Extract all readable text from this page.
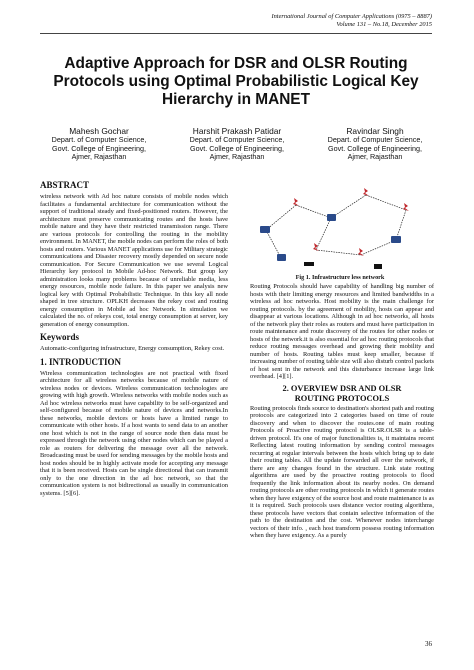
International Journal of Computer Applications (0975 – 8887)
Volume 131 – No.18, December 2015
Adaptive Approach for DSR and OLSR Routing
Protocols using Optimal Probabilistic Logical Key
Hierarchy in MANET
Mahesh Gochar
Depart. of Computer Science,
Govt. College of Engineering,
Ajmer, Rajasthan
Harshit Prakash Patidar
Depart. of Computer Science,
Govt. College of Engineering,
Ajmer, Rajasthan
Ravindar Singh
Depart. of Computer Science,
Govt. College of Engineering,
Ajmer, Rajasthan
ABSTRACT

wireless network with Ad hoc nature consists of mobile nodes which facilitates a fundamental architecture for communication without the support of traditional steady and fixed-positioned routers. However, the architecture must preserve communicating routes and the hosts have mobile nature and they have their restricted transmission range. There are various protocols for controlling the routing in the mobility environment. In MANET, the mobile nodes can perform the roles of both hosts and routers. Various MANET applications use for Military strategic communications and Disaster recovery mostly depended on secure node communication. For Secure Communication we use several Logical Hierarchy key protocol in Mobile Ad-hoc Network. But group key administration looks many problems because of unreliable media, less energy resources, mobile node failure. In this paper we analysis new logical key with Optimal Probabilistic Technique. In this key all node shaped in tree structure. OPLKH decreases the rekey cost and routing energy consumption in Mobile ad hoc Network. In simulation we calculated the no. of rekeys cost, total energy consumption at server, key generation of energy consumption.

Keywords

Automatic-configuring infrastructure, Energy consumption, Rekey cost.

1. INTRODUCTION

Wireless communication technologies are not practical with fixed architecture for all wireless networks because of mobile nature of wireless nodes or devices. Wireless communication technologies are growing with high growth. Wireless networks with mobile nodes such as Ad hoc wireless networks must have capability to be self-organized and self-configured because of mobile nature of devices and networks.In these networks, mobile devices or hosts have a limited range to communicate with other hosts. If a host wants to send data to an another one host which is not in the range of source node then data must be expressed through the network using other nodes which can be played a role as routers for delivering the message over all the network. Broadcasting must be used for sending messages by the mobile hosts and host nodes should be in highly activate mode for accepting any message that it is been received. Hosts can be single directional that can transmit only to the one direction in the ad hoc network, so that the communication system is not bidirectional as usually in communication systems. [5][6].

Fig 1. Infrastructure less network

Routing Protocols should have capability of handling big number of hosts with their limiting energy resources and limited bandwidths in a wireless ad hoc networks. Host mobility is the main challenge for routing protocols. by the agreement of mobility, hosts can appear and disappear at various locations. Although in ad hoc networks, all hosts of the network play their roles as routers and must have participation in route maintenance and route discovery of the routes for other nodes or hosts of the network.it is also essential for ad hoc routing protocols that reduce routing messages overhead and growing their mobility and number of hosts. Routing tables must keep smaller, because if increasing number of routing table size will also disturb control packets of host sent in the network and this disturbance increase large link overhead. [4][1].

2. OVERVIEW DSR AND OLSR
ROUTING PROTOCOLS

Routing protocols finds source to destination's shortest path and routing protocols are categorized into 2 categories based on time of route discovery and when to discover the routes.one of main routing Protocols of Proactive routing protocol is OLSR.OLSR is a table-driven protocol. It's one of major functionalities is, it maintains recent Reflecting latest routing information by sending control messages recurring at regular intervals between the hosts which bring up to date their routing tables. All the update forwarded all over the network, if there are any changes found in the structure. Link state routing algorithms are used by the proactive routing protocols to flood frequently the link information about its nearby nodes. On demand routing protocols are other routing protocols in which it generate routes when they have exigency of the source host and route maintenance is as it is required. Such protocols uses distance vector routing algorithms, these protocols have vectors that contain selective information of the path to the destination and the cost. Whenever nodes interchange vectors of their info. , each host transform possess routing information when they have exigency. As a purely

36
